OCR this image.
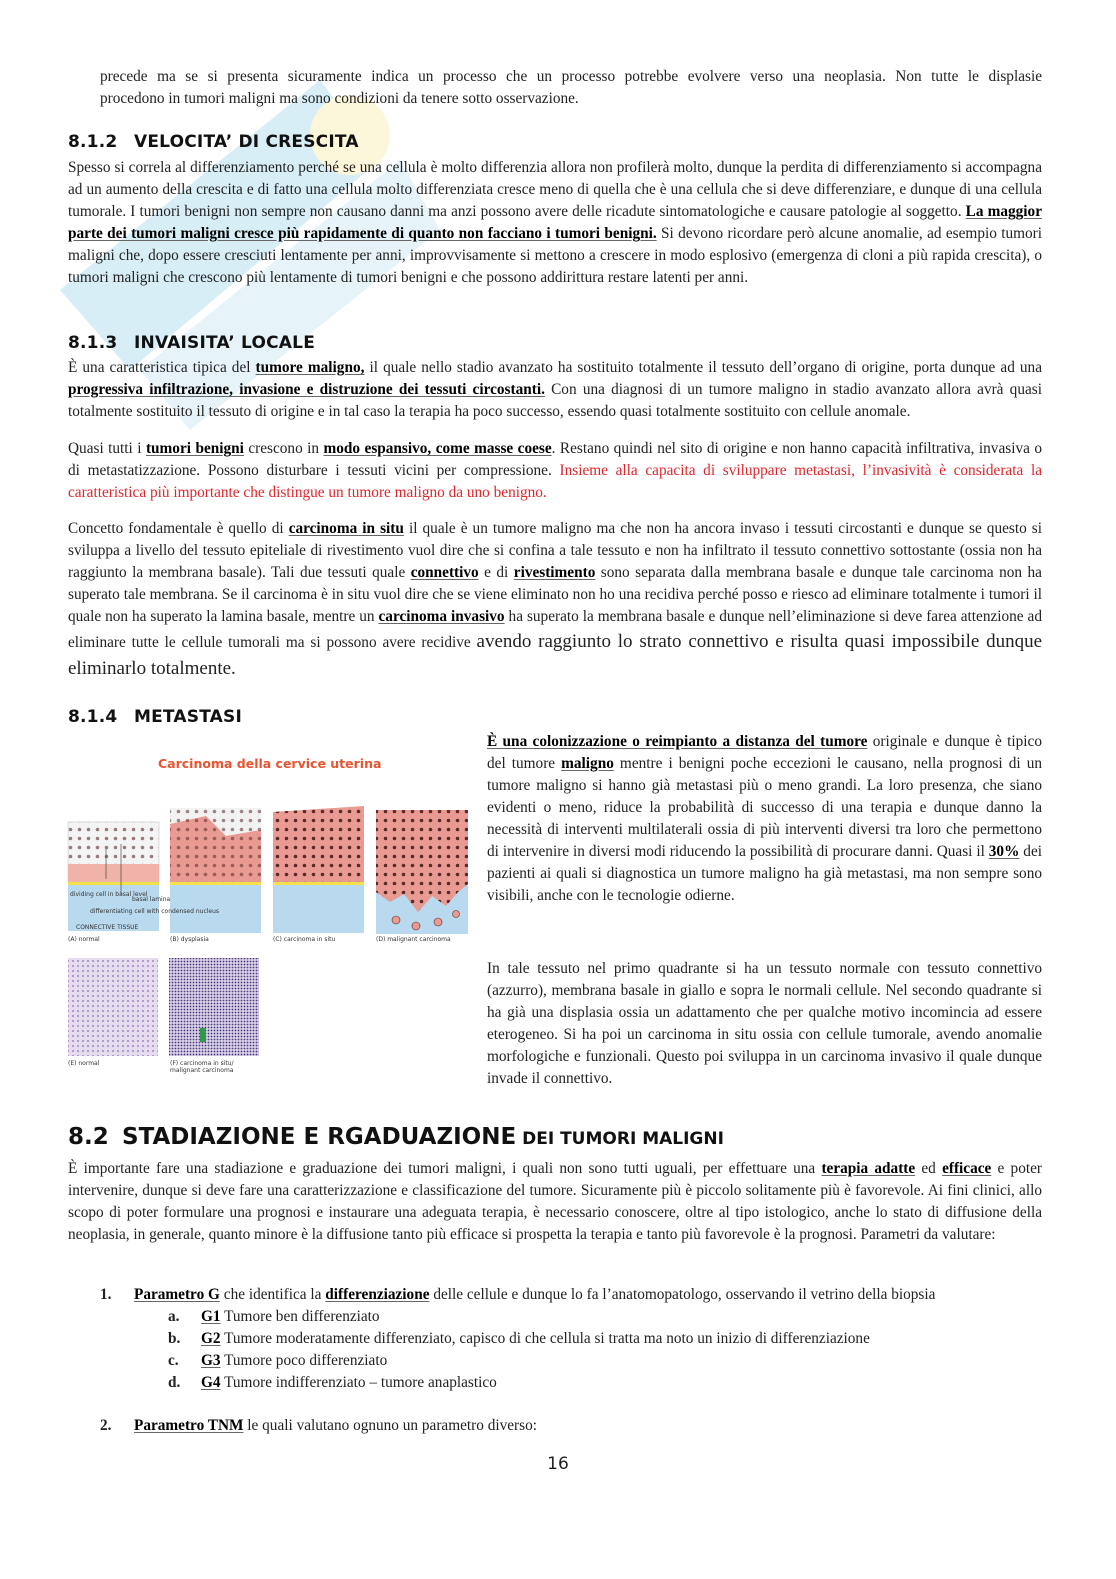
precede ma se si presenta sicuramente indica un processo che un processo potrebbe evolvere verso una neoplasia. Non tutte le displasie

procedono in tumori maligni ma sono condizioni da tenere sotto osservazione.

8.1.2 VELOCITA’ DI CRESCITA

Spesso si correla al differenziamento perché se una cellula è molto differenzia allora non profilerà molto, dunque la perdita di differenziamento si accompagna ad un aumento della crescita e di fatto una cellula molto differenziata cresce meno di quella che è una cellula che si deve differenziare, e dunque di una cellula tumorale. I tumori benigni non sempre non causano danni ma anzi possono avere delle ricadute sintomatologiche e causare patologie al soggetto. La maggior parte dei tumori maligni cresce più rapidamente di quanto non facciano i tumori benigni. Si devono ricordare però alcune anomalie, ad esempio tumori maligni che, dopo essere cresciuti lentamente per anni, improvvisamente si mettono a crescere in modo esplosivo (emergenza di cloni a più rapida crescita), o tumori maligni che crescono più lentamente di tumori benigni e che possono addirittura restare latenti per anni.

8.1.3 INVAISITA’ LOCALE

È una caratteristica tipica del tumore maligno, il quale nello stadio avanzato ha sostituito totalmente il tessuto dell’organo di origine, porta dunque ad una progressiva infiltrazione, invasione e distruzione dei tessuti circostanti. Con una diagnosi di un tumore maligno in stadio avanzato allora avrà quasi totalmente sostituito il tessuto di origine e in tal caso la terapia ha poco successo, essendo quasi totalmente sostituito con cellule anomale.

Quasi tutti i tumori benigni crescono in modo espansivo, come masse coese. Restano quindi nel sito di origine e non hanno capacità infiltrativa, invasiva o di metastatizzazione. Possono disturbare i tessuti vicini per compressione. Insieme alla capacita di sviluppare metastasi, l’invasività è considerata la caratteristica più importante che distingue un tumore maligno da uno benigno.

Concetto fondamentale è quello di carcinoma in situ il quale è un tumore maligno ma che non ha ancora invaso i tessuti circostanti e dunque se questo si sviluppa a livello del tessuto epiteliale di rivestimento vuol dire che si confina a tale tessuto e non ha infiltrato il tessuto connettivo sottostante (ossia non ha raggiunto la membrana basale). Tali due tessuti quale connettivo e di rivestimento sono separata dalla membrana basale e dunque tale carcinoma non ha superato tale membrana. Se il carcinoma è in situ vuol dire che se viene eliminato non ho una recidiva perché posso e riesco ad eliminare totalmente i tumori il quale non ha superato la lamina basale, mentre un carcinoma invasivo ha superato la membrana basale e dunque nell’eliminazione si deve farea attenzione ad eliminare tutte le cellule tumorali ma si possono avere recidive avendo raggiunto lo strato connettivo e risulta quasi impossibile dunque eliminarlo totalmente.

8.1.4 METASTASI
Carcinoma della cervice uterina
dividing cell in basal level
differentiating cell with condensed nucleus
basal lamina
CONNECTIVE TISSUE
(A) normal	(B) dysplasia	(C) carcinoma in situ	(D) malignant carcinoma
(E) normal	(F) carcinoma in situ/ malignant carcinoma

È una colonizzazione o reimpianto a distanza del tumore originale e dunque è tipico del tumore maligno mentre i benigni poche eccezioni le causano, nella prognosi di un tumore maligno si hanno già metastasi più o meno grandi. La loro presenza, che siano evidenti o meno, riduce la probabilità di successo di una terapia e dunque danno la necessità di interventi multilaterali ossia di più interventi diversi tra loro che permettono di intervenire in diversi modi riducendo la possibilità di procurare danni. Quasi il 30% dei pazienti ai quali si diagnostica un tumore maligno ha già metastasi, ma non sempre sono visibili, anche con le tecnologie odierne.

In tale tessuto nel primo quadrante si ha un tessuto normale con tessuto connettivo (azzurro), membrana basale in giallo e sopra le normali cellule. Nel secondo quadrante si ha già una displasia ossia un adattamento che per qualche motivo incomincia ad essere eterogeneo. Si ha poi un carcinoma in situ ossia con cellule tumorale, avendo anomalie morfologiche e funzionali. Questo poi sviluppa in un carcinoma invasivo il quale dunque invade il connettivo.

8.2 STADIAZIONE E RGADUAZIONE DEI TUMORI MALIGNI

È importante fare una stadiazione e graduazione dei tumori maligni, i quali non sono tutti uguali, per effettuare una terapia adatte ed efficace e poter intervenire, dunque si deve fare una caratterizzazione e classificazione del tumore. Sicuramente più è piccolo solitamente più è favorevole. Ai fini clinici, allo scopo di poter formulare una prognosi e instaurare una adeguata terapia, è necessario conoscere, oltre al tipo istologico, anche lo stato di diffusione della neoplasia, in generale, quanto minore è la diffusione tanto più efficace si prospetta la terapia e tanto più favorevole è la prognosi. Parametri da valutare:

1. Parametro G che identifica la differenziazione delle cellule e dunque lo fa l’anatomopatologo, osservando il vetrino della biopsia
a. G1 Tumore ben differenziato
b. G2 Tumore moderatamente differenziato, capisco di che cellula si tratta ma noto un inizio di differenziazione
c. G3 Tumore poco differenziato
d. G4 Tumore indifferenziato – tumore anaplastico
2. Parametro TNM le quali valutano ognuno un parametro diverso:
16
